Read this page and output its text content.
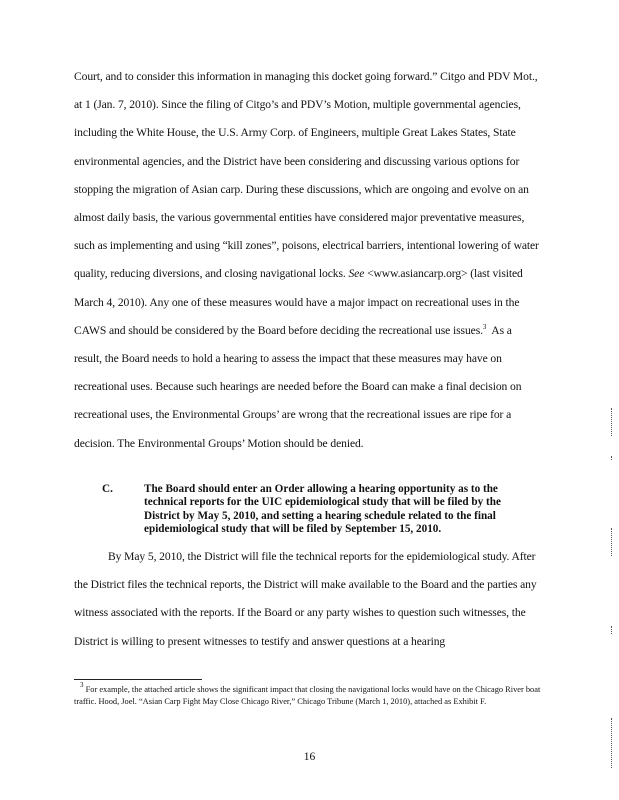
Court, and to consider this information in managing this docket going forward.” Citgo and PDV Mot., at 1 (Jan. 7, 2010). Since the filing of Citgo’s and PDV’s Motion, multiple governmental agencies, including the White House, the U.S. Army Corp. of Engineers, multiple Great Lakes States, State environmental agencies, and the District have been considering and discussing various options for stopping the migration of Asian carp. During these discussions, which are ongoing and evolve on an almost daily basis, the various governmental entities have considered major preventative measures, such as implementing and using “kill zones”, poisons, electrical barriers, intentional lowering of water quality, reducing diversions, and closing navigational locks. See <www.asiancarp.org> (last visited March 4, 2010). Any one of these measures would have a major impact on recreational uses in the CAWS and should be considered by the Board before deciding the recreational use issues.$^3$ As a result, the Board needs to hold a hearing to assess the impact that these measures may have on recreational uses. Because such hearings are needed before the Board can make a final decision on recreational uses, the Environmental Groups’ are wrong that the recreational issues are ripe for a decision. The Environmental Groups’ Motion should be denied.

C.	The Board should enter an Order allowing a hearing opportunity as to the technical reports for the UIC epidemiological study that will be filed by the District by May 5, 2010, and setting a hearing schedule related to the final epidemiological study that will be filed by September 15, 2010.

By May 5, 2010, the District will file the technical reports for the epidemiological study. After the District files the technical reports, the District will make available to the Board and the parties any witness associated with the reports. If the Board or any party wishes to question such witnesses, the District is willing to present witnesses to testify and answer questions at a hearing

$^3$ For example, the attached article shows the significant impact that closing the navigational locks would have on the Chicago River boat traffic. Hood, Joel. “Asian Carp Fight May Close Chicago River,” Chicago Tribune (March 1, 2010), attached as Exhibit F.

16
